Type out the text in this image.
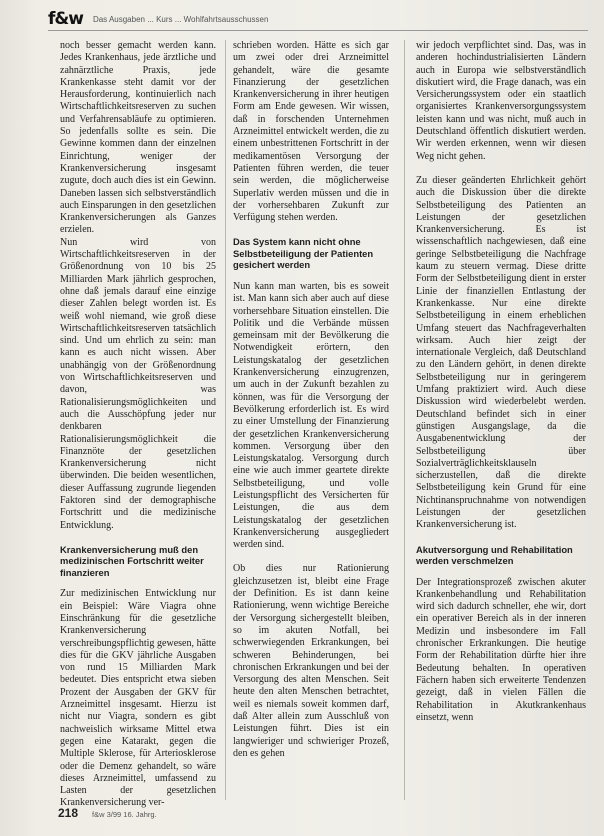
f&w Das Ausgaben ... Kurs ... Wohlfahrtsausschussen

noch besser gemacht werden kann. Jedes Krankenhaus, jede ärztliche und zahnärztliche Praxis, jede Krankenkasse steht damit vor der Herausforderung, kontinuierlich nach Wirtschaftlichkeitsreserven zu suchen und Verfahrensabläufe zu optimieren. So jedenfalls sollte es sein. Die Gewinne kommen dann der einzelnen Einrichtung, weniger der Krankenversicherung insgesamt zugute, doch auch dies ist ein Gewinn. Daneben lassen sich selbstverständlich auch Einsparungen in den gesetzlichen Krankenversicherungen als Ganzes erzielen.

Nun wird von Wirtschaftlichkeitsreserven in der Größenordnung von 10 bis 25 Milliarden Mark jährlich gesprochen, ohne daß jemals darauf eine einzige dieser Zahlen belegt worden ist. Es weiß wohl niemand, wie groß diese Wirtschaftlichkeitsreserven tatsächlich sind. Und um ehrlich zu sein: man kann es auch nicht wissen. Aber unabhängig von der Größenordnung von Wirtschaftlichkeitsreserven und davon, was Rationalisierungsmöglichkeiten und auch die Ausschöpfung jeder nur denkbaren Rationalisierungsmöglichkeit die Finanznöte der gesetzlichen Krankenversicherung nicht überwinden. Die beiden wesentlichen, dieser Auffassung zugrunde liegenden Faktoren sind der demographische Fortschritt und die medizinische Entwicklung.

Krankenversicherung muß den medizinischen Fortschritt weiter finanzieren

Zur medizinischen Entwicklung nur ein Beispiel: Wäre Viagra ohne Einschränkung für die gesetzliche Krankenversicherung verschreibungspflichtig gewesen, hätte dies für die GKV jährliche Ausgaben von rund 15 Milliarden Mark bedeutet. Dies entspricht etwa sieben Prozent der Ausgaben der GKV für Arzneimittel insgesamt. Hierzu ist nicht nur Viagra, sondern es gibt nachweislich wirksame Mittel etwa gegen eine Katarakt, gegen die Multiple Sklerose, für Arteriosklerose oder die Demenz gehandelt, so wäre dieses Arzneimittel, umfassend zu Lasten der gesetzlichen Krankenversicherung ver-

schrieben worden. Hätte es sich gar um zwei oder drei Arzneimittel gehandelt, wäre die gesamte Finanzierung der gesetzlichen Krankenversicherung in ihrer heutigen Form am Ende gewesen. Wir wissen, daß in forschenden Unternehmen Arzneimittel entwickelt werden, die zu einem unbestrittenen Fortschritt in der medikamentösen Versorgung der Patienten führen werden, die teuer sein werden, die möglicherweise Superlativ werden müssen und die in der vorhersehbaren Zukunft zur Verfügung stehen werden.

Das System kann nicht ohne Selbstbeteiligung der Patienten gesichert werden

Nun kann man warten, bis es soweit ist. Man kann sich aber auch auf diese vorhersehbare Situation einstellen. Die Politik und die Verbände müssen gemeinsam mit der Bevölkerung die Notwendigkeit erörtern, den Leistungskatalog der gesetzlichen Krankenversicherung einzugrenzen, um auch in der Zukunft bezahlen zu können, was für die Versorgung der Bevölkerung erforderlich ist. Es wird zu einer Umstellung der Finanzierung der gesetzlichen Krankenversicherung kommen. Versorgung über den Leistungskatalog. Versorgung durch eine wie auch immer geartete direkte Selbstbeteiligung, und volle Leistungspflicht des Versicherten für Leistungen, die aus dem Leistungskatalog der gesetzlichen Krankenversicherung ausgegliedert werden sind.

Ob dies nur Rationierung gleichzusetzen ist, bleibt eine Frage der Definition. Es ist dann keine Rationierung, wenn wichtige Bereiche der Versorgung sichergestellt bleiben, so im akuten Notfall, bei schwerwiegenden Erkrankungen, bei schweren Behinderungen, bei chronischen Erkrankungen und bei der Versorgung des alten Menschen. Seit heute den alten Menschen betrachtet, weil es niemals soweit kommen darf, daß Alter allein zum Ausschluß von Leistungen führt. Dies ist ein langwieriger und schwieriger Prozeß, den es gehen

wir jedoch verpflichtet sind. Das, was in anderen hochindustrialisierten Ländern auch in Europa wie selbstverständlich diskutiert wird, die Frage danach, was ein Versicherungssystem oder ein staatlich organisiertes Krankenversorgungssystem leisten kann und was nicht, muß auch in Deutschland öffentlich diskutiert werden. Wir werden erkennen, wenn wir diesen Weg nicht gehen.

Zu dieser geänderten Ehrlichkeit gehört auch die Diskussion über die direkte Selbstbeteiligung des Patienten an Leistungen der gesetzlichen Krankenversicherung. Es ist wissenschaftlich nachgewiesen, daß eine geringe Selbstbeteiligung die Nachfrage kaum zu steuern vermag. Diese dritte Form der Selbstbeteiligung dient in erster Linie der finanziellen Entlastung der Krankenkasse. Nur eine direkte Selbstbeteiligung in einem erheblichen Umfang steuert das Nachfrageverhalten wirksam. Auch hier zeigt der internationale Vergleich, daß Deutschland zu den Ländern gehört, in denen direkte Selbstbeteiligung nur in geringerem Umfang praktiziert wird. Auch diese Diskussion wird wiederbelebt werden. Deutschland befindet sich in einer günstigen Ausgangslage, da die Ausgabenentwicklung der Selbstbeteiligung über Sozialverträglichkeitsklauseln sicherzustellen, daß die direkte Selbstbeteiligung kein Grund für eine Nichtinanspruchnahme von notwendigen Leistungen der gesetzlichen Krankenversicherung ist.

Akutversorgung und Rehabilitation werden verschmelzen

Der Integrationsprozeß zwischen akuter Krankenbehandlung und Rehabilitation wird sich dadurch schneller, ehe wir, dort ein operativer Bereich als in der inneren Medizin und insbesondere im Fall chronischer Erkrankungen. Die heutige Form der Rehabilitation dürfte hier ihre Bedeutung behalten. In operativen Fächern haben sich erweiterte Tendenzen gezeigt, daß in vielen Fällen die Rehabilitation in Akutkrankenhaus einsetzt, wenn

218 f&w 3/99 16. Jahrg.
